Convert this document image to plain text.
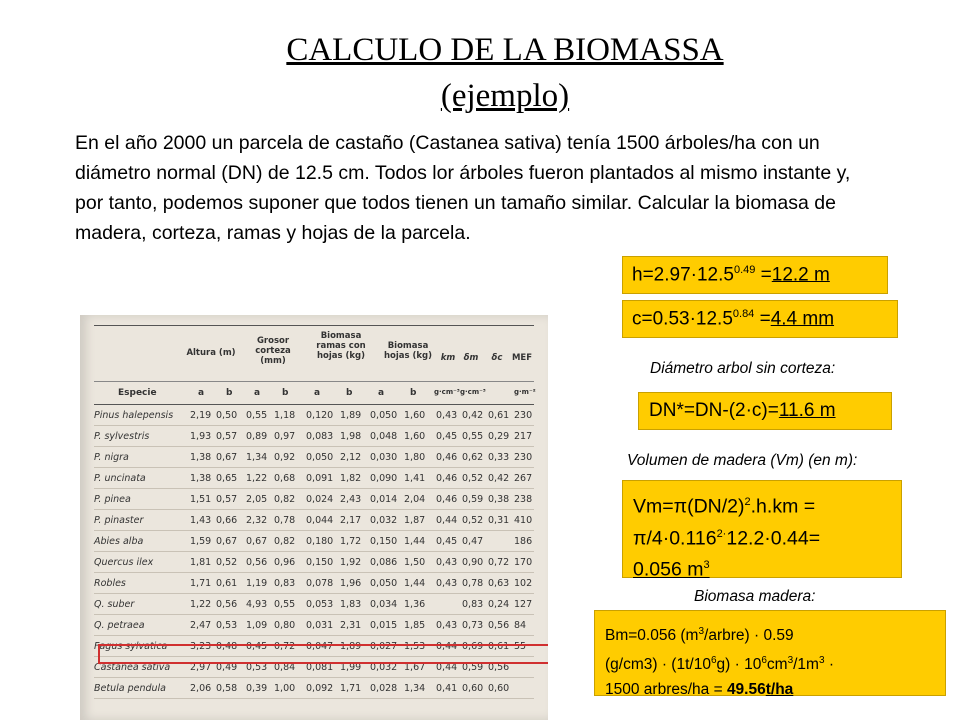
CALCULO DE LA BIOMASSA
(ejemplo)
En el año 2000 un parcela de castaño (Castanea sativa) tenía 1500 árboles/ha con un diámetro normal (DN) de 12.5 cm. Todos lor árboles fueron plantados al mismo instante y, por tanto, podemos suponer que todos tienen un tamaño similar. Calcular la biomasa de madera, corteza, ramas y hojas de la parcela.
$h=2.97\cdot 12.5^{0.49} =12.2$ m
$c=0.53\cdot 12.5^{0.84} =4.4$ mm
Diámetro arbol sin corteza:
DN*=DN-(2·c)=11.6 m
Volumen de madera (Vm) (en m):
$Vm=\pi(DN/2)^2.h.km$ =
$\pi/4\cdot 0.116^{2\cdot}12.2\cdot 0.44=$
0.056 $m^3$
Biomasa madera:
Bm=0.056 $(m^3/arbre) \cdot 0.59$
$(g/cm3) \cdot (1t/10^6g) \cdot 10^6cm^3/1m^3$ ·
1500 arbres/ha = 49.56t/ha
Altura (m)
Grosor corteza (mm)
Biomasa ramas con hojas (kg)
Biomasa hojas (kg)	km δm	δc	MEF
Especie	a b a b	a	b	a	b	g·cm⁻³ g·cm⁻³	g·m⁻²
Pinus halepensis 2,19 0,50 0,55 1,18 0,120 1,89 0,050 1,60 0,43 0,42 0,61 230
P. sylvestris	1,93 0,57 0,89 0,97 0,083 1,98 0,048 1,60 0,45 0,55 0,29 217
P. nigra	1,38 0,67 1,34 0,92 0,050 2,12 0,030 1,80 0,46 0,62 0,33 230
P. uncinata	1,38 0,65 1,22 0,68 0,091 1,82 0,090 1,41 0,46 0,52 0,42 267
P. pinea	1,51 0,57 2,05 0,82 0,024 2,43 0,014 2,04 0,46 0,59 0,38 238
P. pinaster	1,43 0,66 2,32 0,78 0,044 2,17 0,032 1,87 0,44 0,52 0,31 410
Abies alba	1,59 0,67 0,67 0,82 0,180 1,72 0,150 1,44 0,45 0,47	186
Quercus ilex	1,81 0,52 0,56 0,96 0,150 1,92 0,086 1,50 0,43 0,90 0,72 170
Robles	1,71 0,61 1,19 0,83 0,078 1,96 0,050 1,44 0,43 0,78 0,63 102
Q. suber	1,22 0,56 4,93 0,55 0,053 1,83 0,034 1,36	0,83 0,24 127
Q. petraea	2,47 0,53 1,09 0,80 0,031 2,31 0,015 1,85 0,43 0,73 0,56 84
Fagus sylvatica 3,23 0,48 0,45 0,72 0,047 1,89 0,027 1,53 0,44 0,69 0,61 55
Castanea sativa 2,97 0,49 0,53 0,84 0,081 1,99 0,032 1,67 0,44 0,59 0,56
Betula pendula	2,06 0,58 0,39 1,00 0,092 1,71 0,028 1,34 0,41 0,60 0,60
